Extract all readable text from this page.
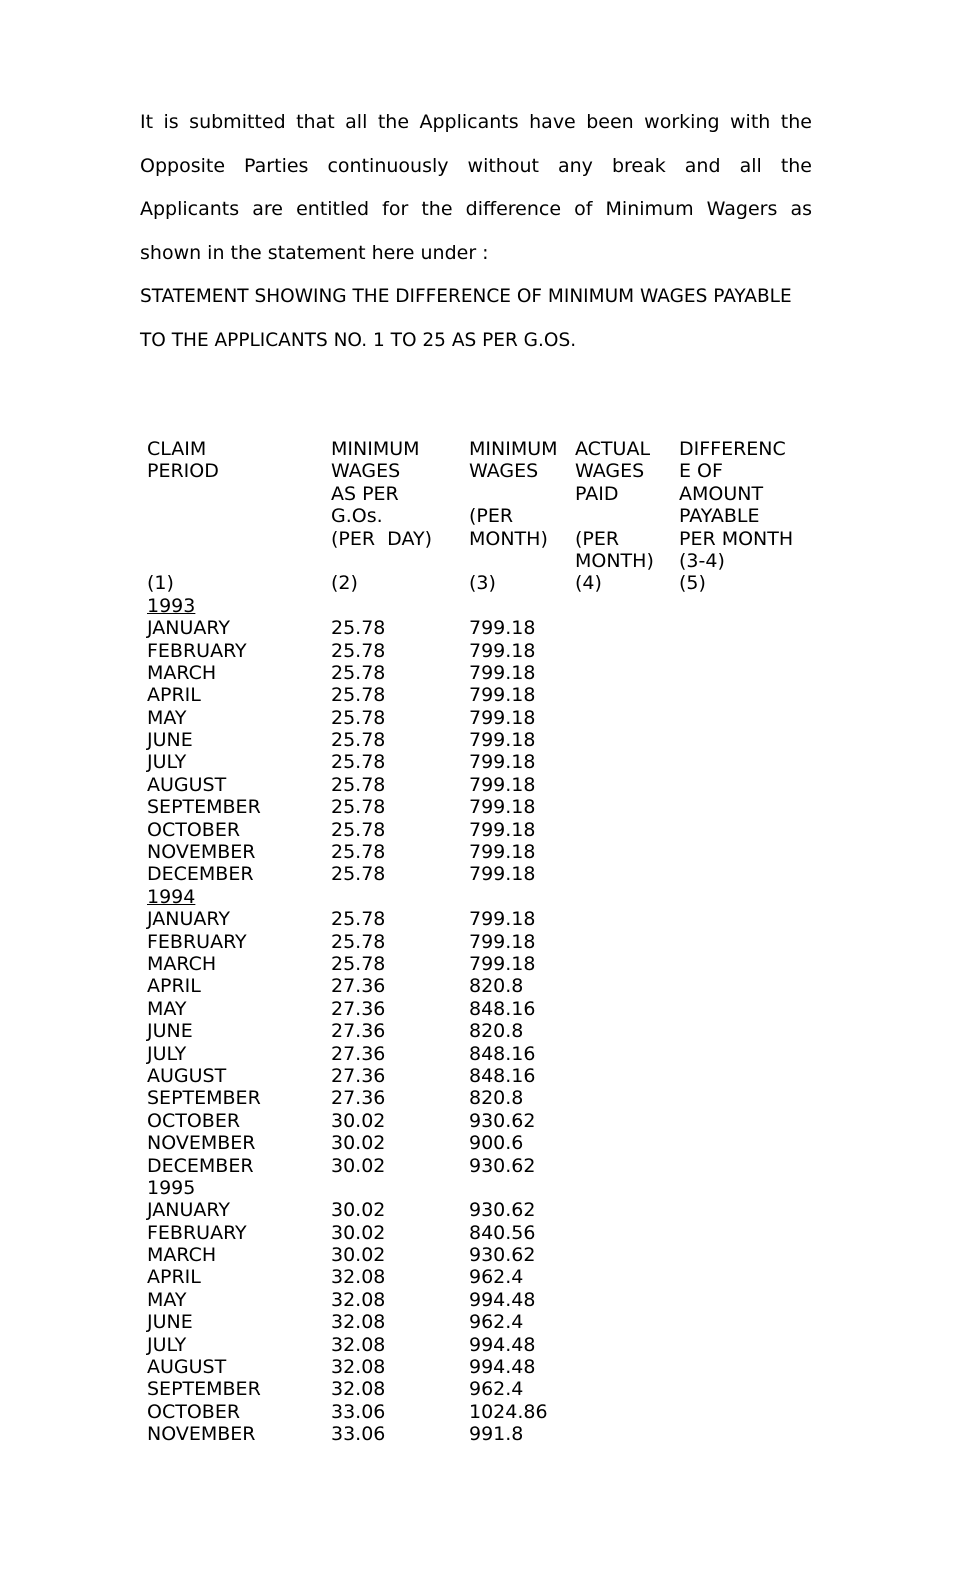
It is submitted that all the Applicants have been working with the Opposite Parties continuously without any break and all the Applicants are entitled for the difference of Minimum Wagers as shown in the statement here under :

STATEMENT SHOWING THE DIFFERENCE OF MINIMUM WAGES PAYABLE
TO THE APPLICANTS NO. 1 TO 25 AS PER G.OS.
CLAIM
PERIOD
(1)
1993
JANUARY
FEBRUARY
MARCH
APRIL
MAY
JUNE
JULY
AUGUST
SEPTEMBER
OCTOBER
NOVEMBER
DECEMBER
1994
JANUARY
FEBRUARY
MARCH
APRIL
MAY
JUNE
JULY
AUGUST
SEPTEMBER
OCTOBER
NOVEMBER
DECEMBER
1995
JANUARY
FEBRUARY
MARCH
APRIL
MAY
JUNE
JULY
AUGUST
SEPTEMBER
OCTOBER
NOVEMBER
MINIMUM
WAGES
AS PER
G.Os.
(PER  DAY)
(2)
25.78
25.78
25.78
25.78
25.78
25.78
25.78
25.78
25.78
25.78
25.78
25.78
25.78
25.78
25.78
27.36
27.36
27.36
27.36
27.36
27.36
30.02
30.02
30.02
30.02
30.02
30.02
32.08
32.08
32.08
32.08
32.08
32.08
33.06
33.06
MINIMUM
WAGES
(PER
MONTH)
(3)
799.18
799.18
799.18
799.18
799.18
799.18
799.18
799.18
799.18
799.18
799.18
799.18
799.18
799.18
799.18
820.8
848.16
820.8
848.16
848.16
820.8
930.62
900.6
930.62
930.62
840.56
930.62
962.4
994.48
962.4
994.48
994.48
962.4
1024.86
991.8
ACTUAL
WAGES
PAID
(PER
MONTH)
(4)
DIFFERENC
E OF
AMOUNT
PAYABLE
PER MONTH
(3-4)
(5)
